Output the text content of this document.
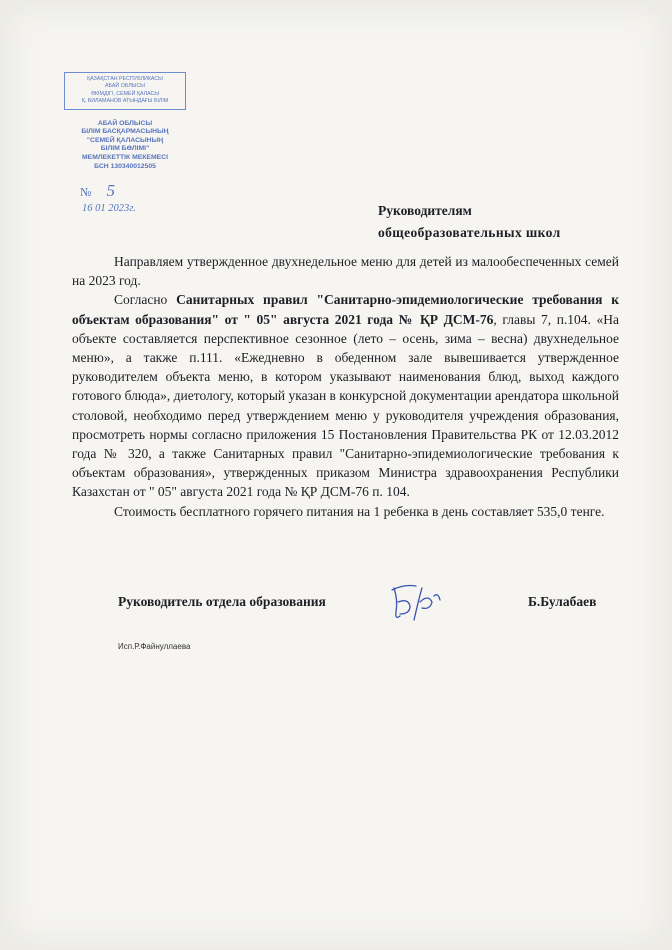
ҚАЗАҚСТАН РЕСПУБЛИКАСЫ
АБАЙ ОБЛЫСЫ
ӘКІМДІГІ, СЕМЕЙ ҚАЛАСЫ
Қ. БИЛАМАНОВ АТЫНДАҒЫ БІЛІМ
АБАЙ ОБЛЫСЫ
БІЛІМ БАСҚАРМАСЫНЫҢ
"СЕМЕЙ ҚАЛАСЫНЫҢ
БІЛІМ БӨЛІМІ"
МЕМЛЕКЕТТІК МЕКЕМЕСІ
БСН 130340012505
№ 5
16 01 2023г.	Руководителям
общеобразовательных школ

Направляем утвержденное двухнедельное меню для детей из малообеспеченных семей на 2023 год.

Согласно Санитарных правил "Санитарно-эпидемиологические требования к объектам образования" от " 05" августа 2021 года № ҚР ДСМ-76, главы 7, п.104. «На объекте составляется перспективное сезонное (лето – осень, зима – весна) двухнедельное меню», а также п.111. «Ежедневно в обеденном зале вывешивается утвержденное руководителем объекта меню, в котором указывают наименования блюд, выход каждого готового блюда», диетологу, который указан в конкурсной документации арендатора школьной столовой, необходимо перед утверждением меню у руководителя учреждения образования, просмотреть нормы согласно приложения 15 Постановления Правительства РК от 12.03.2012 года № 320, а также Санитарных правил "Санитарно-эпидемиологические требования к объектам образования», утвержденных приказом Министра здравоохранения Республики Казахстан от " 05" августа 2021 года № ҚР ДСМ-76 п. 104.

Стоимость бесплатного горячего питания на 1 ребенка в день составляет 535,0 тенге.

Руководитель отдела образования	Б.Булабаев
Исп.Р.Файнуллаева
